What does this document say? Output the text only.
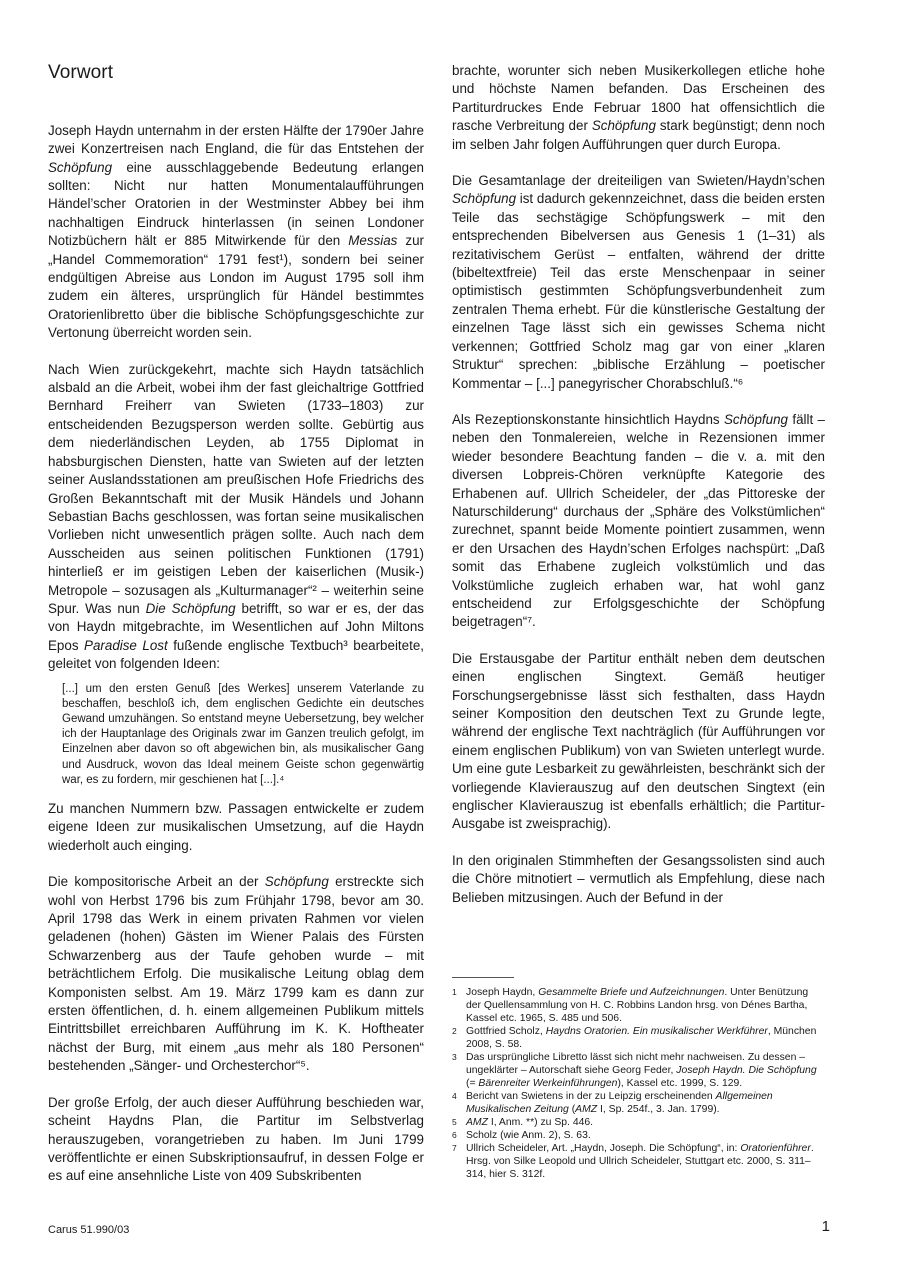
Vorwort

Joseph Haydn unternahm in der ersten Hälfte der 1790er Jahre zwei Konzertreisen nach England, die für das Entstehen der Schöpfung eine ausschlaggebende Bedeutung erlangen sollten: Nicht nur hatten Monumentalaufführungen Händel’scher Oratorien in der Westminster Abbey bei ihm nachhaltigen Eindruck hinterlassen (in seinen Londoner Notizbüchern hält er 885 Mitwirkende für den Messias zur „Handel Commemoration“ 1791 fest¹), sondern bei seiner endgültigen Abreise aus London im August 1795 soll ihm zudem ein älteres, ursprünglich für Händel bestimmtes Oratorienlibretto über die biblische Schöpfungsgeschichte zur Vertonung überreicht worden sein.

Nach Wien zurückgekehrt, machte sich Haydn tatsächlich alsbald an die Arbeit, wobei ihm der fast gleichaltrige Gottfried Bernhard Freiherr van Swieten (1733–1803) zur entscheidenden Bezugsperson werden sollte. Gebürtig aus dem niederländischen Leyden, ab 1755 Diplomat in habsburgischen Diensten, hatte van Swieten auf der letzten seiner Auslandsstationen am preußischen Hofe Friedrichs des Großen Bekanntschaft mit der Musik Händels und Johann Sebastian Bachs geschlossen, was fortan seine musikalischen Vorlieben nicht unwesentlich prägen sollte. Auch nach dem Ausscheiden aus seinen politischen Funktionen (1791) hinterließ er im geistigen Leben der kaiserlichen (Musik-) Metropole – sozusagen als „Kulturmanager“² – weiterhin seine Spur. Was nun Die Schöpfung betrifft, so war er es, der das von Haydn mitgebrachte, im Wesentlichen auf John Miltons Epos Paradise Lost fußende englische Textbuch³ bearbeitete, geleitet von folgenden Ideen:

[...] um den ersten Genuß [des Werkes] unserem Vaterlande zu beschaffen, beschloß ich, dem englischen Gedichte ein deutsches Gewand umzuhängen. So entstand meyne Uebersetzung, bey welcher ich der Hauptanlage des Originals zwar im Ganzen treulich gefolgt, im Einzelnen aber davon so oft abgewichen bin, als musikalischer Gang und Ausdruck, wovon das Ideal meinem Geiste schon gegenwärtig war, es zu fordern, mir geschienen hat [...].⁴

Zu manchen Nummern bzw. Passagen entwickelte er zudem eigene Ideen zur musikalischen Umsetzung, auf die Haydn wiederholt auch einging.

Die kompositorische Arbeit an der Schöpfung erstreckte sich wohl von Herbst 1796 bis zum Frühjahr 1798, bevor am 30. April 1798 das Werk in einem privaten Rahmen vor vielen geladenen (hohen) Gästen im Wiener Palais des Fürsten Schwarzenberg aus der Taufe gehoben wurde – mit beträchtlichem Erfolg. Die musikalische Leitung oblag dem Komponisten selbst. Am 19. März 1799 kam es dann zur ersten öffentlichen, d. h. einem allgemeinen Publikum mittels Eintrittsbillet erreichbaren Aufführung im K. K. Hoftheater nächst der Burg, mit einem „aus mehr als 180 Personen“ bestehenden „Sänger- und Orchesterchor“⁵.

Der große Erfolg, der auch dieser Aufführung beschieden war, scheint Haydns Plan, die Partitur im Selbstverlag herauszugeben, vorangetrieben zu haben. Im Juni 1799 veröffentlichte er einen Subskriptionsaufruf, in dessen Folge er es auf eine ansehnliche Liste von 409 Subskribenten

brachte, worunter sich neben Musikerkollegen etliche hohe und höchste Namen befanden. Das Erscheinen des Partiturdruckes Ende Februar 1800 hat offensichtlich die rasche Verbreitung der Schöpfung stark begünstigt; denn noch im selben Jahr folgen Aufführungen quer durch Europa.

Die Gesamtanlage der dreiteiligen van Swieten/Haydn’schen Schöpfung ist dadurch gekennzeichnet, dass die beiden ersten Teile das sechstägige Schöpfungswerk – mit den entsprechenden Bibelversen aus Genesis 1 (1–31) als rezitativischem Gerüst – entfalten, während der dritte (bibeltextfreie) Teil das erste Menschenpaar in seiner optimistisch gestimmten Schöpfungsverbundenheit zum zentralen Thema erhebt. Für die künstlerische Gestaltung der einzelnen Tage lässt sich ein gewisses Schema nicht verkennen; Gottfried Scholz mag gar von einer „klaren Struktur“ sprechen: „biblische Erzählung – poetischer Kommentar – [...] panegyrischer Chorabschluß.“⁶

Als Rezeptionskonstante hinsichtlich Haydns Schöpfung fällt – neben den Tonmalereien, welche in Rezensionen immer wieder besondere Beachtung fanden – die v. a. mit den diversen Lobpreis-Chören verknüpfte Kategorie des Erhabenen auf. Ullrich Scheideler, der „das Pittoreske der Naturschilderung“ durchaus der „Sphäre des Volkstümlichen“ zurechnet, spannt beide Momente pointiert zusammen, wenn er den Ursachen des Haydn’schen Erfolges nachspürt: „Daß somit das Erhabene zugleich volkstümlich und das Volkstümliche zugleich erhaben war, hat wohl ganz entscheidend zur Erfolgsgeschichte der Schöpfung beigetragen“⁷.

Die Erstausgabe der Partitur enthält neben dem deutschen einen englischen Singtext. Gemäß heutiger Forschungsergebnisse lässt sich festhalten, dass Haydn seiner Komposition den deutschen Text zu Grunde legte, während der englische Text nachträglich (für Aufführungen vor einem englischen Publikum) von van Swieten unterlegt wurde. Um eine gute Lesbarkeit zu gewährleisten, beschränkt sich der vorliegende Klavierauszug auf den deutschen Singtext (ein englischer Klavierauszug ist ebenfalls erhältlich; die Partitur-Ausgabe ist zweisprachig).

In den originalen Stimmheften der Gesangssolisten sind auch die Chöre mitnotiert – vermutlich als Empfehlung, diese nach Belieben mitzusingen. Auch der Befund in der

1 Joseph Haydn, Gesammelte Briefe und Aufzeichnungen. Unter Benützung der Quellensammlung von H. C. Robbins Landon hrsg. von Dénes Bartha, Kassel etc. 1965, S. 485 und 506.
2 Gottfried Scholz, Haydns Oratorien. Ein musikalischer Werkführer, München 2008, S. 58.
3 Das ursprüngliche Libretto lässt sich nicht mehr nachweisen. Zu dessen – ungeklärter – Autorschaft siehe Georg Feder, Joseph Haydn. Die Schöpfung (= Bärenreiter Werkeinführungen), Kassel etc. 1999, S. 129.
4 Bericht van Swietens in der zu Leipzig erscheinenden Allgemeinen Musikalischen Zeitung (AMZ I, Sp. 254f., 3. Jan. 1799).
5 AMZ I, Anm. **) zu Sp. 446.
6 Scholz (wie Anm. 2), S. 63.
7 Ullrich Scheideler, Art. „Haydn, Joseph. Die Schöpfung“, in: Oratorienführer. Hrsg. von Silke Leopold und Ullrich Scheideler, Stuttgart etc. 2000, S. 311–314, hier S. 312f.
Carus 51.990/03	1
